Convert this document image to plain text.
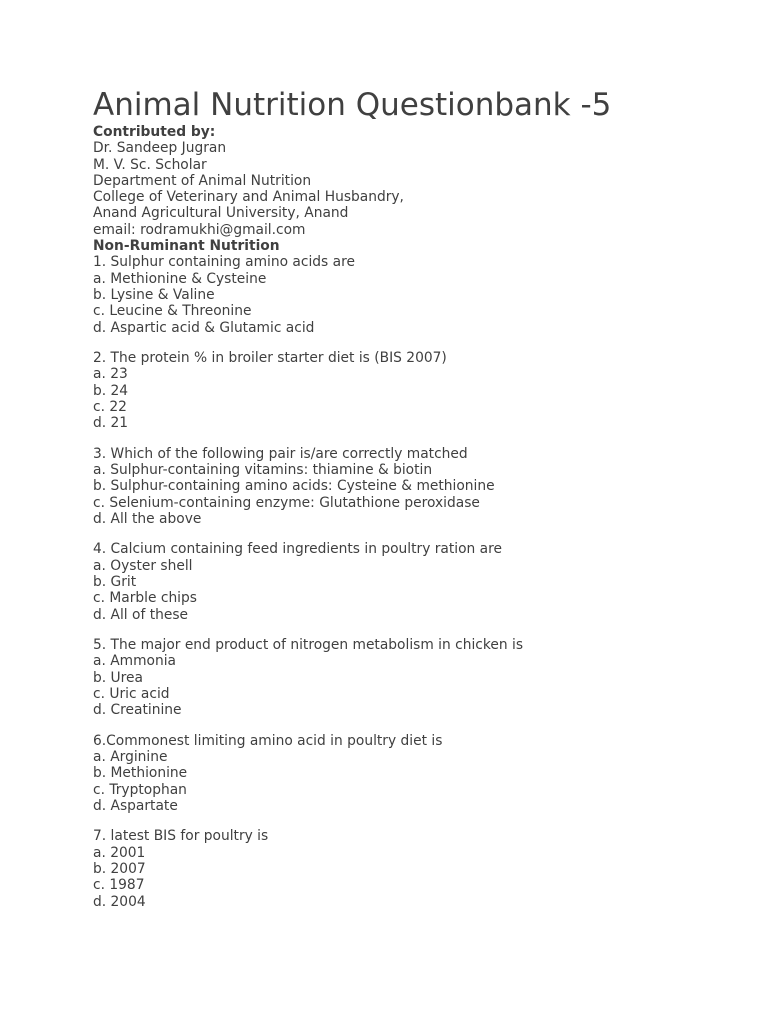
Animal Nutrition Questionbank -5

Contributed by:

Dr. Sandeep Jugran

M. V. Sc. Scholar

Department of Animal Nutrition

College of Veterinary and Animal Husbandry,

Anand Agricultural University, Anand

email: rodramukhi@gmail.com

Non-Ruminant Nutrition

1. Sulphur containing amino acids are

a. Methionine & Cysteine
b. Lysine & Valine
c. Leucine & Threonine
d. Aspartic acid & Glutamic acid

2. The protein % in broiler starter diet is (BIS 2007)

a. 23
b. 24
c. 22
d. 21

3. Which of the following pair is/are correctly matched

a. Sulphur-containing vitamins: thiamine & biotin
b. Sulphur-containing amino acids: Cysteine & methionine
c. Selenium-containing enzyme: Glutathione peroxidase
d. All the above

4. Calcium containing feed ingredients in poultry ration are

a. Oyster shell
b. Grit
c. Marble chips
d. All of these

5. The major end product of nitrogen metabolism in chicken is

a. Ammonia
b. Urea
c. Uric acid
d. Creatinine

6.Commonest limiting amino acid in poultry diet is

a. Arginine
b. Methionine
c. Tryptophan
d. Aspartate

7. latest BIS for poultry is

a. 2001
b. 2007
c. 1987
d. 2004
